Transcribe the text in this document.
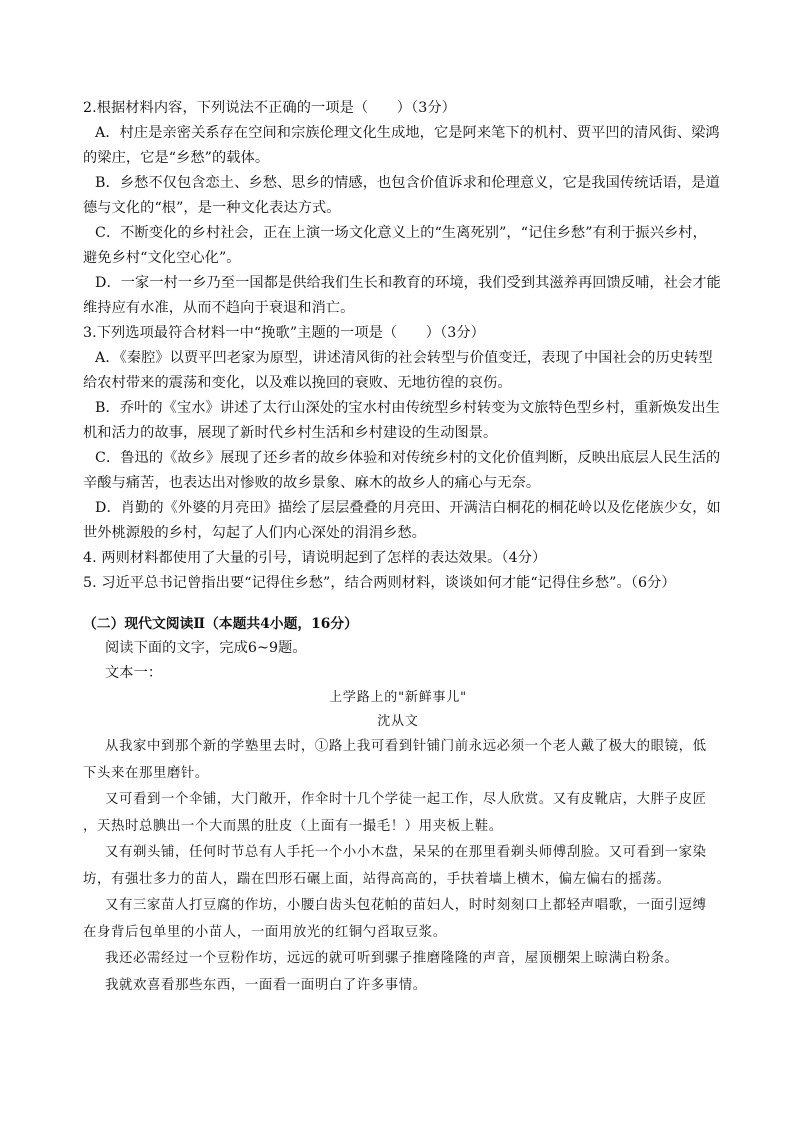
2.根据材料内容，下列说法不正确的一项是（　　）（3分）
A．村庄是亲密关系存在空间和宗族伦理文化生成地，它是阿来笔下的机村、贾平凹的清风街、梁鸿
的梁庄，它是“乡愁”的载体。
B．乡愁不仅包含恋土、乡愁、思乡的情感，也包含价值诉求和伦理意义，它是我国传统话语，是道
德与文化的“根”，是一种文化表达方式。
C．不断变化的乡村社会，正在上演一场文化意义上的“生离死别”，“记住乡愁”有利于振兴乡村，
避免乡村“文化空心化”。
D．一家一村一乡乃至一国都是供给我们生长和教育的环境，我们受到其滋养再回馈反哺，社会才能
维持应有水准，从而不趋向于衰退和消亡。
3.下列选项最符合材料一中“挽歌”主题的一项是（　　）（3分）
A．《秦腔》以贾平凹老家为原型，讲述清风街的社会转型与价值变迁，表现了中国社会的历史转型
给农村带来的震荡和变化，以及难以挽回的衰败、无地彷徨的哀伤。
B．乔叶的《宝水》讲述了太行山深处的宝水村由传统型乡村转变为文旅特色型乡村，重新焕发出生
机和活力的故事，展现了新时代乡村生活和乡村建设的生动图景。
C．鲁迅的《故乡》展现了还乡者的故乡体验和对传统乡村的文化价值判断，反映出底层人民生活的
辛酸与痛苦，也表达出对惨败的故乡景象、麻木的故乡人的痛心与无奈。
D．肖勤的《外婆的月亮田》描绘了层层叠叠的月亮田、开满洁白桐花的桐花岭以及仡佬族少女，如
世外桃源般的乡村，勾起了人们内心深处的涓涓乡愁。
4. 两则材料都使用了大量的引号，请说明起到了怎样的表达效果。（4分）
5. 习近平总书记曾指出要“记得住乡愁”，结合两则材料，谈谈如何才能“记得住乡愁”。（6分）
（二）现代文阅读Ⅱ（本题共4小题，16分）
阅读下面的文字，完成6~9题。
文本一：
上学路上的"新鲜事儿"
沈从文
从我家中到那个新的学塾里去时，①路上我可看到针铺门前永远必须一个老人戴了极大的眼镜，低
下头来在那里磨针。
又可看到一个伞铺，大门敞开，作伞时十几个学徒一起工作，尽人欣赏。又有皮靴店，大胖子皮匠
，天热时总腆出一个大而黑的肚皮（上面有一撮毛！）用夹板上鞋。
又有剃头铺，任何时节总有人手托一个小小木盘，呆呆的在那里看剃头师傅刮脸。又可看到一家染
坊，有强壮多力的苗人，踹在凹形石碾上面，站得高高的，手扶着墙上横木，偏左偏右的摇荡。
又有三家苗人打豆腐的作坊，小腰白齿头包花帕的苗妇人，时时刻刻口上都轻声唱歌，一面引逗缚
在身背后包单里的小苗人，一面用放光的红铜勺舀取豆浆。
我还必需经过一个豆粉作坊，远远的就可听到骡子推磨隆隆的声音，屋顶棚架上晾满白粉条。
我就欢喜看那些东西，一面看一面明白了许多事情。
